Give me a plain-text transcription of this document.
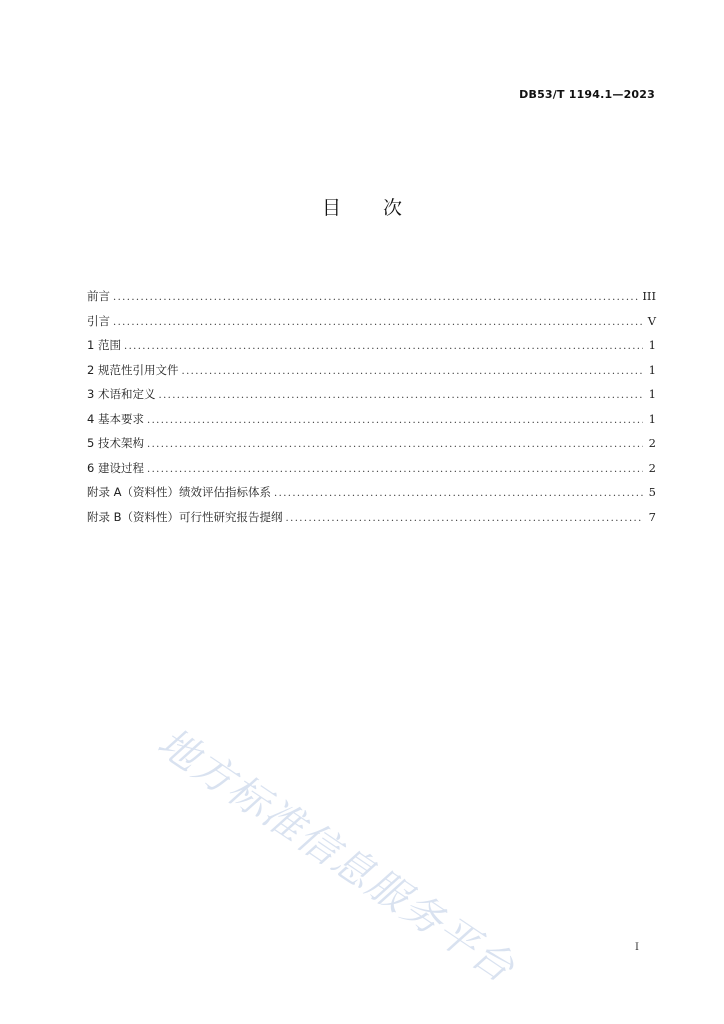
DB53/T 1194.1—2023
目 次
前言 .....	III
引言 .....	V
1 范围 .....	1
2 规范性引用文件 .....	1
3 术语和定义 .....	1
4 基本要求 .....	1
5 技术架构 .....	2
6 建设过程 .....	2
附录 A（资料性）绩效评估指标体系 .....	5
附录 B（资料性）可行性研究报告提纲 .....	7
地方标准信息服务平台	I
